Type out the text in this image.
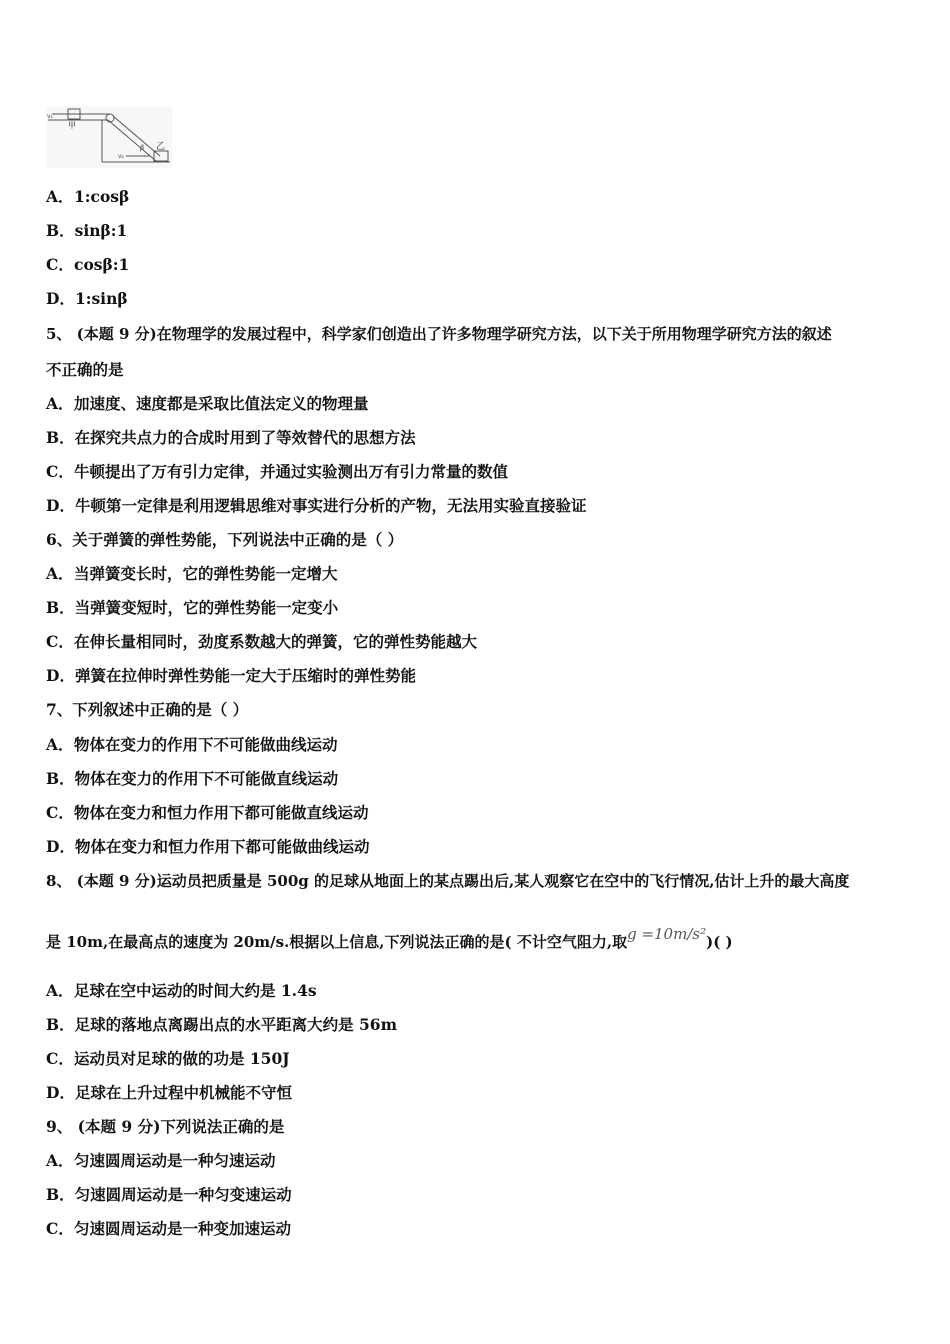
v₁
甲
v₂
β 乙
A．1:cosβ
B．sinβ:1
C．cosβ:1
D．1:sinβ
5、 (本题 9 分)在物理学的发展过程中，科学家们创造出了许多物理学研究方法，以下关于所用物理学研究方法的叙述
不正确的是
A．加速度、速度都是采取比值法定义的物理量
B．在探究共点力的合成时用到了等效替代的思想方法
C．牛顿提出了万有引力定律，并通过实验测出万有引力常量的数值
D．牛顿第一定律是利用逻辑思维对事实进行分析的产物，无法用实验直接验证
6、关于弹簧的弹性势能，下列说法中正确的是（ ）
A．当弹簧变长时，它的弹性势能一定增大
B．当弹簧变短时，它的弹性势能一定变小
C．在伸长量相同时，劲度系数越大的弹簧，它的弹性势能越大
D．弹簧在拉伸时弹性势能一定大于压缩时的弹性势能
7、下列叙述中正确的是（ ）
A．物体在变力的作用下不可能做曲线运动
B．物体在变力的作用下不可能做直线运动
C．物体在变力和恒力作用下都可能做直线运动
D．物体在变力和恒力作用下都可能做曲线运动
8、 (本题 9 分)运动员把质量是 500g 的足球从地面上的某点踢出后,某人观察它在空中的飞行情况,估计上升的最大高度
是 10m,在最高点的速度为 20m/s.根据以上信息,下列说法正确的是( 不计空气阻力,取g =10m/s²)( )
A．足球在空中运动的时间大约是 1.4s
B．足球的落地点离踢出点的水平距离大约是 56m
C．运动员对足球的做的功是 150J
D．足球在上升过程中机械能不守恒
9、 (本题 9 分)下列说法正确的是
A．匀速圆周运动是一种匀速运动
B．匀速圆周运动是一种匀变速运动
C．匀速圆周运动是一种变加速运动
